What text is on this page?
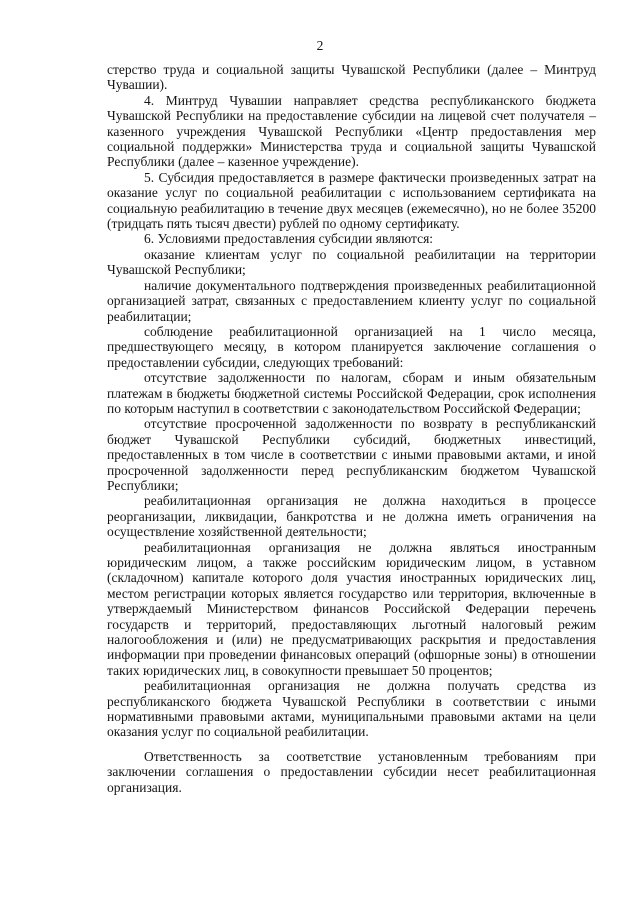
2

стерство труда и социальной защиты Чувашской Республики (далее – Минтруд Чувашии).

4. Минтруд Чувашии направляет средства республиканского бюджета Чувашской Республики на предоставление субсидии на лицевой счет получателя – казенного учреждения Чувашской Республики «Центр предоставления мер социальной поддержки» Министерства труда и социальной защиты Чувашской Республики (далее – казенное учреждение).

5. Субсидия предоставляется в размере фактически произведенных затрат на оказание услуг по социальной реабилитации с использованием сертификата на социальную реабилитацию в течение двух месяцев (ежемесячно), но не более 35200 (тридцать пять тысяч двести) рублей по одному сертификату.

6. Условиями предоставления субсидии являются:

оказание клиентам услуг по социальной реабилитации на территории Чувашской Республики;

наличие документального подтверждения произведенных реабилитационной организацией затрат, связанных с предоставлением клиенту услуг по социальной реабилитации;

соблюдение реабилитационной организацией на 1 число месяца, предшествующего месяцу, в котором планируется заключение соглашения о предоставлении субсидии, следующих требований:

отсутствие задолженности по налогам, сборам и иным обязательным платежам в бюджеты бюджетной системы Российской Федерации, срок исполнения по которым наступил в соответствии с законодательством Российской Федерации;

отсутствие просроченной задолженности по возврату в республиканский бюджет Чувашской Республики субсидий, бюджетных инвестиций, предоставленных в том числе в соответствии с иными правовыми актами, и иной просроченной задолженности перед республиканским бюджетом Чувашской Республики;

реабилитационная организация не должна находиться в процессе реорганизации, ликвидации, банкротства и не должна иметь ограничения на осуществление хозяйственной деятельности;

реабилитационная организация не должна являться иностранным юридическим лицом, а также российским юридическим лицом, в уставном (складочном) капитале которого доля участия иностранных юридических лиц, местом регистрации которых является государство или территория, включенные в утверждаемый Министерством финансов Российской Федерации перечень государств и территорий, предоставляющих льготный налоговый режим налогообложения и (или) не предусматривающих раскрытия и предоставления информации при проведении финансовых операций (офшорные зоны) в отношении таких юридических лиц, в совокупности превышает 50 процентов;

реабилитационная организация не должна получать средства из республиканского бюджета Чувашской Республики в соответствии с иными нормативными правовыми актами, муниципальными правовыми актами на цели оказания услуг по социальной реабилитации.

Ответственность за соответствие установленным требованиям при заключении соглашения о предоставлении субсидии несет реабилитационная организация.
